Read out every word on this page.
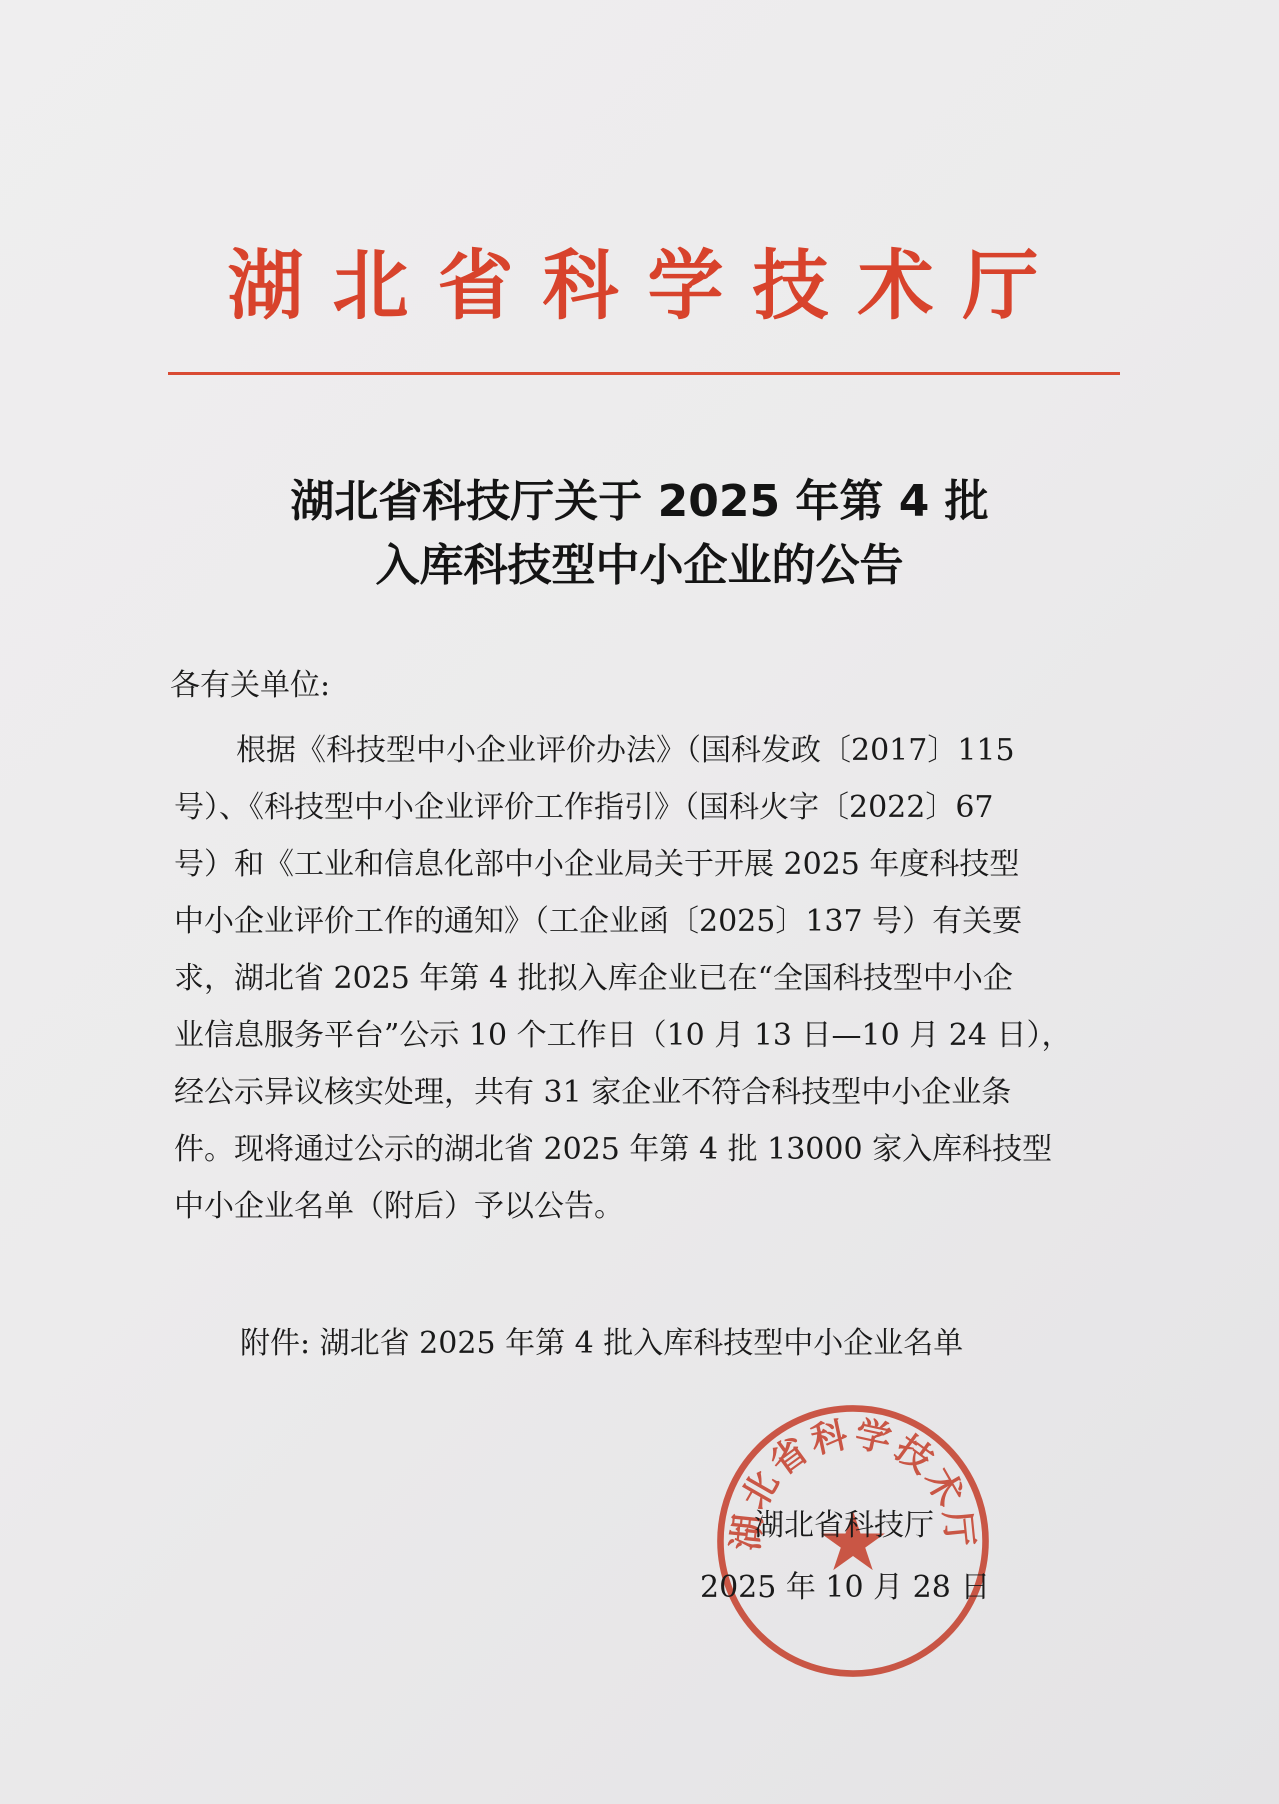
湖北省科学技术厅
湖北省科技厅关于 2025 年第 4 批
入库科技型中小企业的公告
各有关单位:
根据《科技型中小企业评价办法》（国科发政〔2017〕115
号）、《科技型中小企业评价工作指引》（国科火字〔2022〕67
号）和《工业和信息化部中小企业局关于开展 2025 年度科技型
中小企业评价工作的通知》（工企业函〔2025〕137 号）有关要
求，湖北省 2025 年第 4 批拟入库企业已在“全国科技型中小企
业信息服务平台”公示 10 个工作日（10 月 13 日—10 月 24 日），
经公示异议核实处理，共有 31 家企业不符合科技型中小企业条
件。现将通过公示的湖北省 2025 年第 4 批 13000 家入库科技型
中小企业名单（附后）予以公告。
附件: 湖北省 2025 年第 4 批入库科技型中小企业名单
湖北省科学技术厅
湖北省科技厅
2025 年 10 月 28 日
